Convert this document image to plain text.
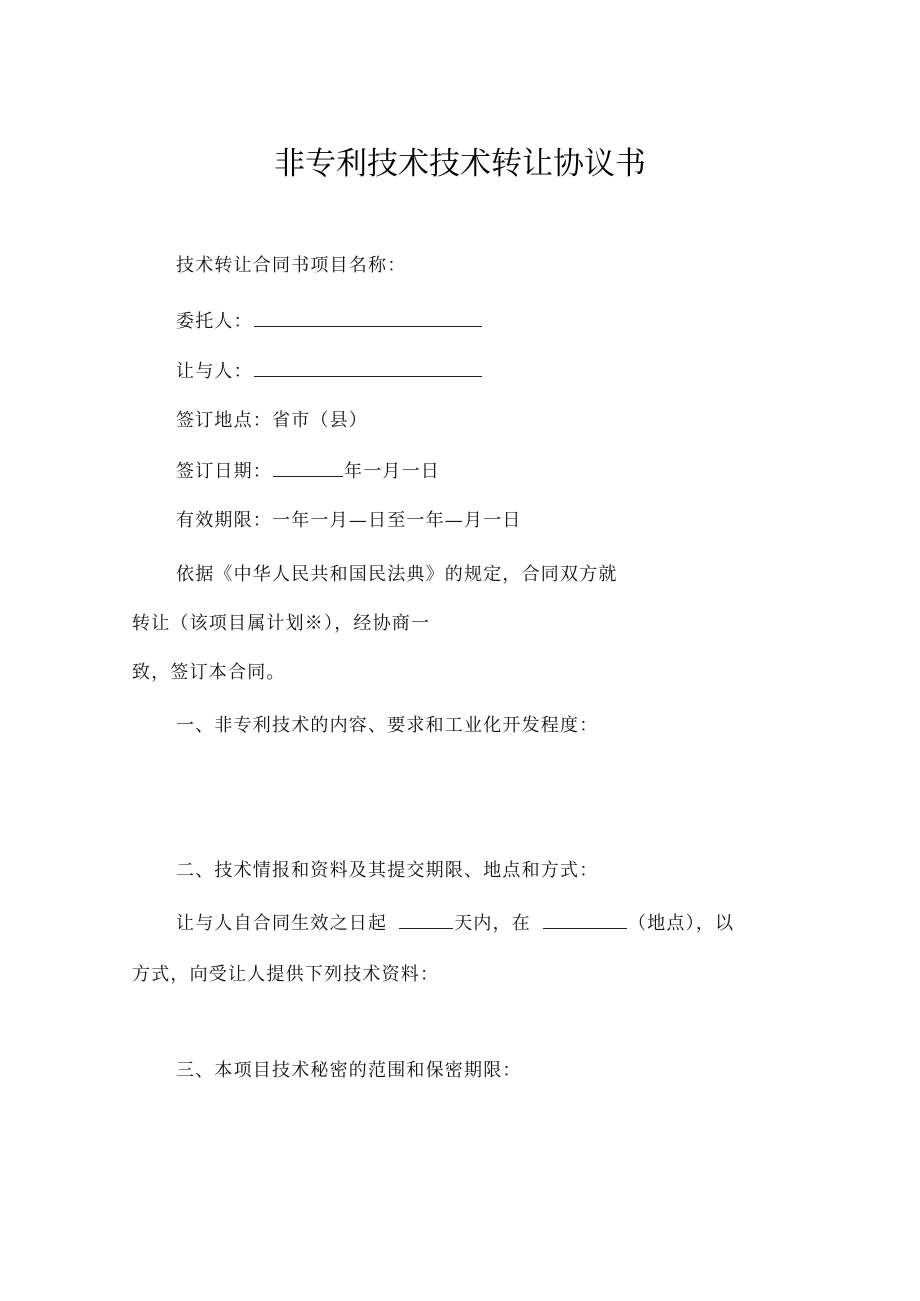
非专利技术技术转让协议书
技术转让合同书项目名称：
委托人：
让与人：
签订地点：省市（县）
签订日期：	年一月一日
有效期限：一年一月—日至一年—月一日
依据《中华人民共和国民法典》的规定，合同双方就
转让（该项目属计划※），经协商一
致，签订本合同。
一、非专利技术的内容、要求和工业化开发程度：
二、技术情报和资料及其提交期限、地点和方式：
让与人自合同生效之日起	天内，在	（地点），以
方式，向受让人提供下列技术资料：
三、本项目技术秘密的范围和保密期限：
